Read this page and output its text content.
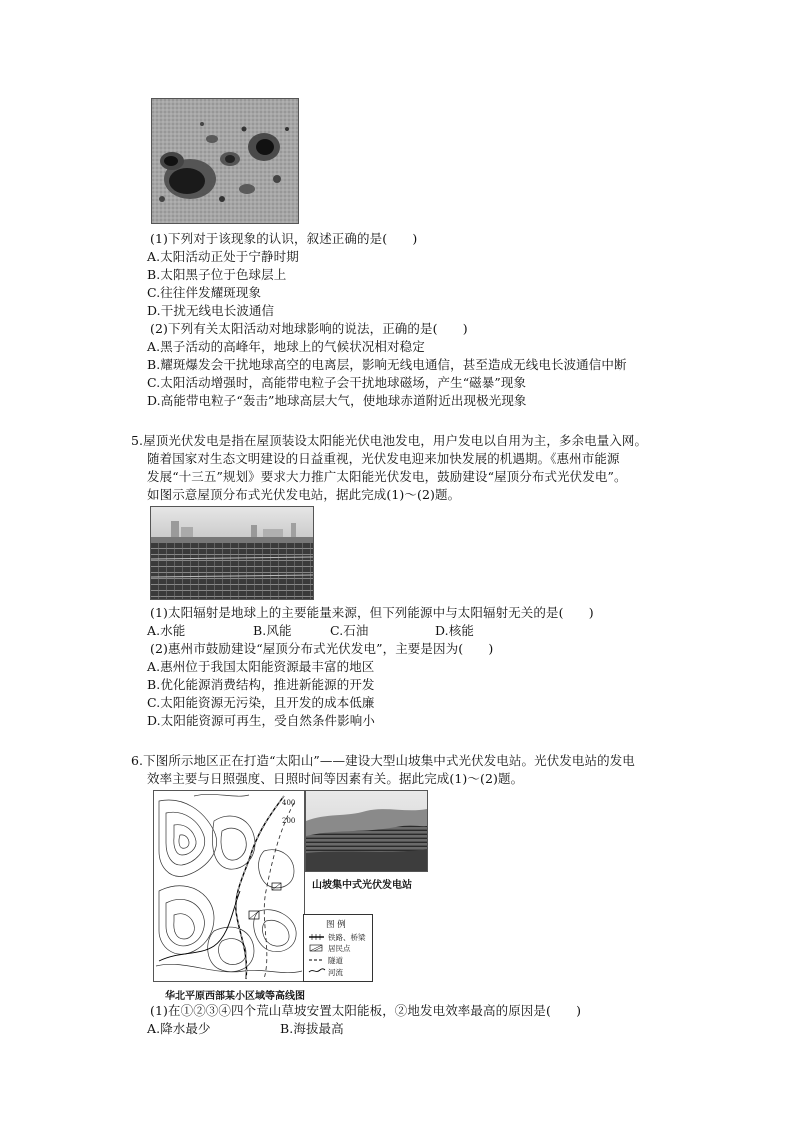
(1)下列对于该现象的认识，叙述正确的是(　　)
A.太阳活动正处于宁静时期
B.太阳黑子位于色球层上
C.往往伴发耀斑现象
D.干扰无线电长波通信
(2)下列有关太阳活动对地球影响的说法，正确的是(　　)
A.黑子活动的高峰年，地球上的气候状况相对稳定
B.耀斑爆发会干扰地球高空的电离层，影响无线电通信，甚至造成无线电长波通信中断
C.太阳活动增强时，高能带电粒子会干扰地球磁场，产生“磁暴”现象
D.高能带电粒子“轰击”地球高层大气，使地球赤道附近出现极光现象
5.屋顶光伏发电是指在屋顶装设太阳能光伏电池发电，用户发电以自用为主，多余电量入网。
随着国家对生态文明建设的日益重视，光伏发电迎来加快发展的机遇期。《惠州市能源
发展“十三五”规划》要求大力推广太阳能光伏发电，鼓励建设“屋顶分布式光伏发电”。
如图示意屋顶分布式光伏发电站，据此完成(1)～(2)题。
(1)太阳辐射是地球上的主要能量来源，但下列能源中与太阳辐射无关的是(　　)
A.水能	B.风能	C.石油	D.核能
(2)惠州市鼓励建设“屋顶分布式光伏发电”，主要是因为(　　)
A.惠州位于我国太阳能资源最丰富的地区
B.优化能源消费结构，推进新能源的开发
C.太阳能资源无污染，且开发的成本低廉
D.太阳能资源可再生，受自然条件影响小
6.下图所示地区正在打造“太阳山”——建设大型山坡集中式光伏发电站。光伏发电站的发电
效率主要与日照强度、日照时间等因素有关。据此完成(1)～(2)题。
400
200
山坡集中式光伏发电站
图 例
铁路、桥梁
居民点
隧道
河流
华北平原西部某小区域等高线图
(1)在①②③④四个荒山草坡安置太阳能板，②地发电效率最高的原因是(　　)
A.降水最少	B.海拔最高
